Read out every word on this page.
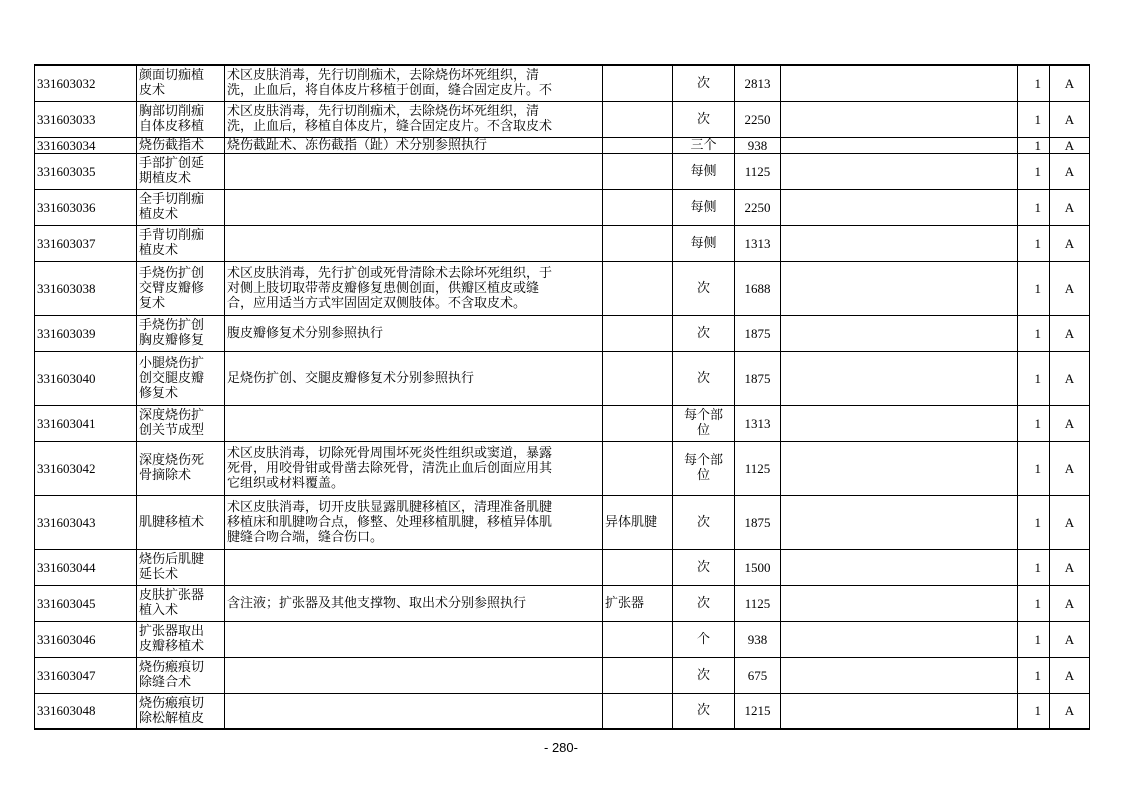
331603032	颜面切痂植
皮术	术区皮肤消毒，先行切削痂术，去除烧伤坏死组织，清
洗，止血后，将自体皮片移植于创面，缝合固定皮片。不		次	2813		1	A

331603033	胸部切削痂
自体皮移植	术区皮肤消毒，先行切削痂术，去除烧伤坏死组织，清
洗，止血后，移植自体皮片，缝合固定皮片。不含取皮术		次	2250		1	A

331603034	烧伤截指术	烧伤截趾术、冻伤截指（趾）术分别参照执行		三个	938		1	A

331603035	手部扩创延
期植皮术			每侧	1125		1	A

331603036	全手切削痂
植皮术			每侧	2250		1	A

331603037	手背切削痂
植皮术			每侧	1313		1	A

331603038	手烧伤扩创
交臂皮瓣修
复术	术区皮肤消毒，先行扩创或死骨清除术去除坏死组织，于
对侧上肢切取带蒂皮瓣修复患侧创面，供瓣区植皮或缝
合，应用适当方式牢固固定双侧肢体。不含取皮术。		次	1688		1	A

331603039	手烧伤扩创
胸皮瓣修复	腹皮瓣修复术分别参照执行		次	1875		1	A

331603040	小腿烧伤扩
创交腿皮瓣
修复术	足烧伤扩创、交腿皮瓣修复术分别参照执行		次	1875		1	A

331603041	深度烧伤扩
创关节成型			每个部
位	1313		1	A

331603042	深度烧伤死
骨摘除术	术区皮肤消毒，切除死骨周围坏死炎性组织或窦道，暴露
死骨，用咬骨钳或骨凿去除死骨，清洗止血后创面应用其
它组织或材料覆盖。		每个部
位	1125		1	A

331603043	肌腱移植术	术区皮肤消毒，切开皮肤显露肌腱移植区，清理准备肌腱
移植床和肌腱吻合点，修整、处理移植肌腱，移植异体肌
腱缝合吻合端，缝合伤口。	异体肌腱	次	1875		1	A

331603044	烧伤后肌腱
延长术			次	1500		1	A

331603045	皮肤扩张器
植入术	含注液；扩张器及其他支撑物、取出术分别参照执行	扩张器	次	1125		1	A

331603046	扩张器取出
皮瓣移植术			个	938		1	A

331603047	烧伤瘢痕切
除缝合术			次	675		1	A

331603048	烧伤瘢痕切
除松解植皮			次	1215		1	A
- 280-
